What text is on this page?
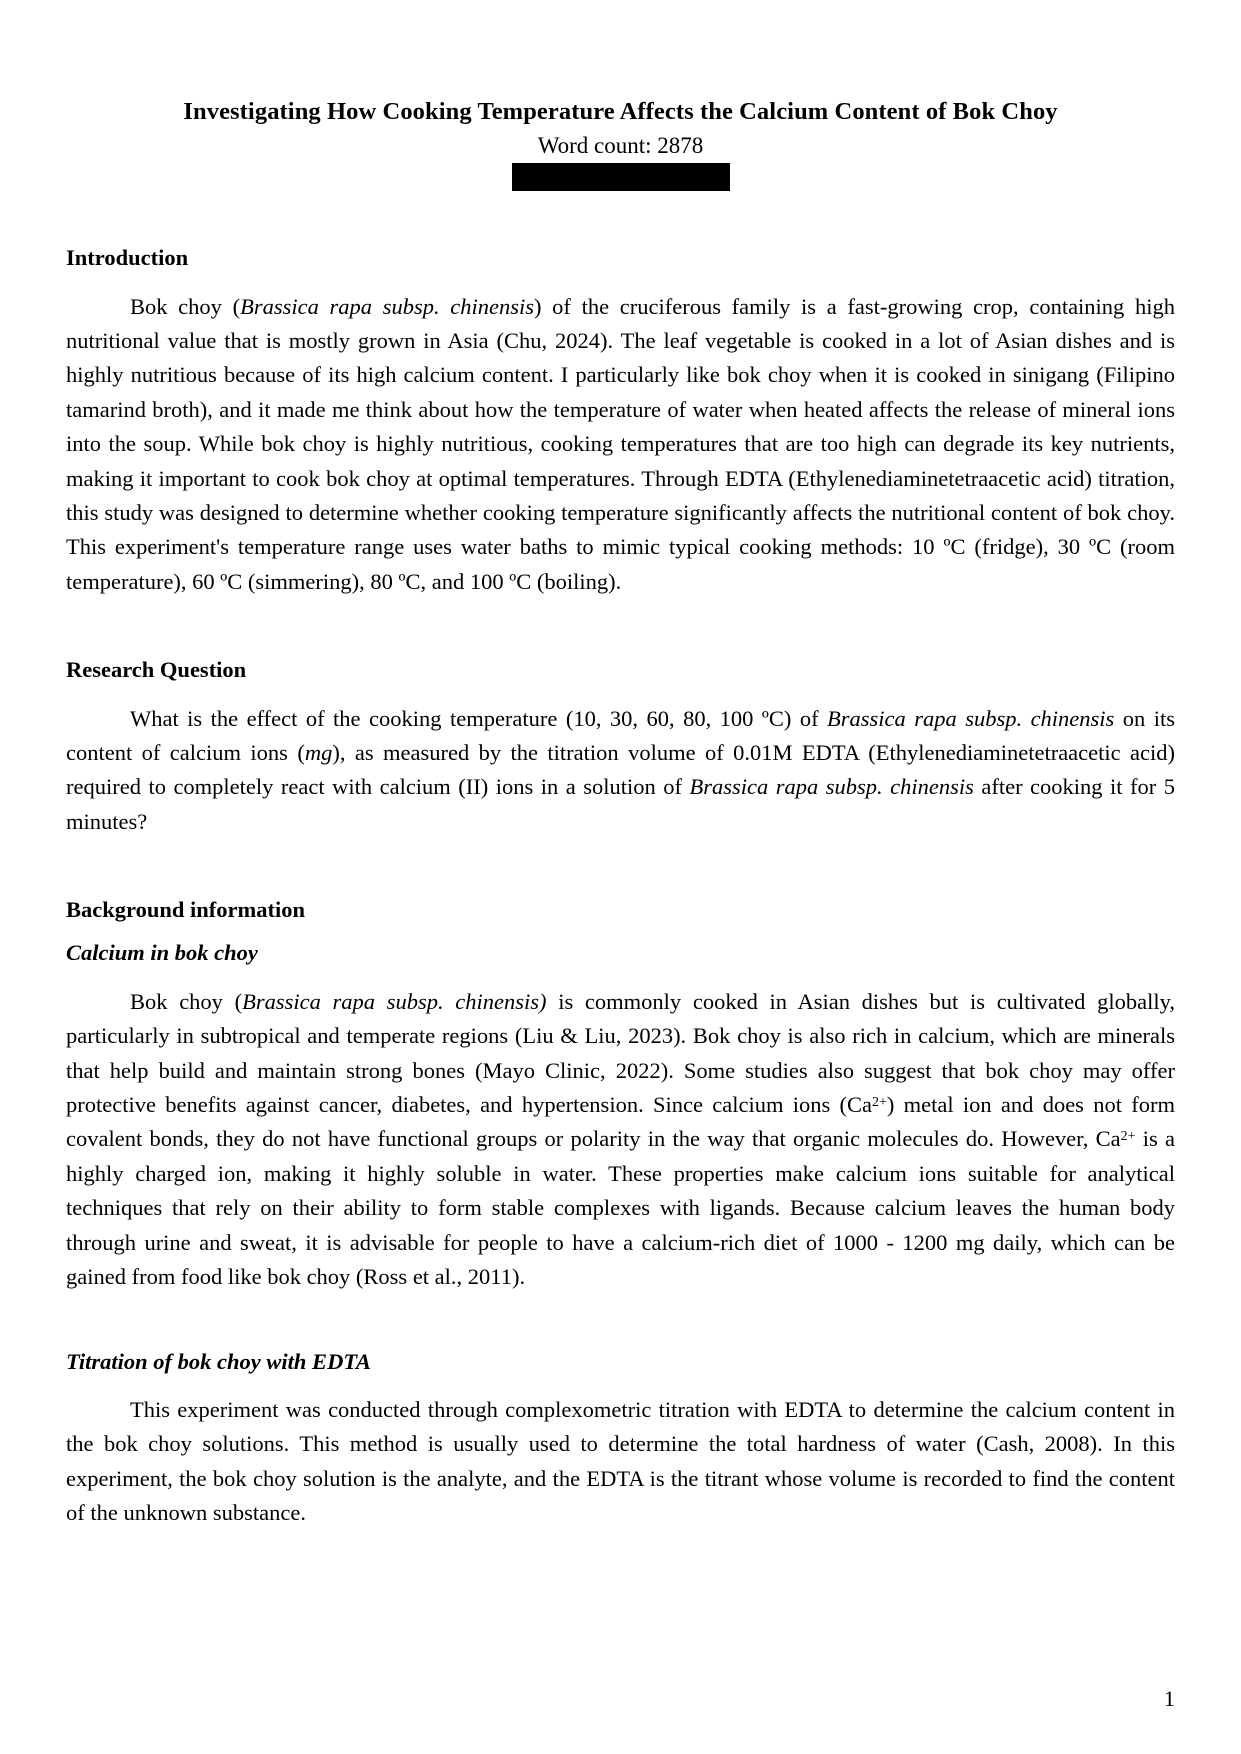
Investigating How Cooking Temperature Affects the Calcium Content of Bok Choy
Word count: 2878
Introduction

Bok choy (Brassica rapa subsp. chinensis) of the cruciferous family is a fast-growing crop, containing high nutritional value that is mostly grown in Asia (Chu, 2024). The leaf vegetable is cooked in a lot of Asian dishes and is highly nutritious because of its high calcium content. I particularly like bok choy when it is cooked in sinigang (Filipino tamarind broth), and it made me think about how the temperature of water when heated affects the release of mineral ions into the soup. While bok choy is highly nutritious, cooking temperatures that are too high can degrade its key nutrients, making it important to cook bok choy at optimal temperatures. Through EDTA (Ethylenediaminetetraacetic acid) titration, this study was designed to determine whether cooking temperature significantly affects the nutritional content of bok choy. This experiment's temperature range uses water baths to mimic typical cooking methods: 10 ºC (fridge), 30 ºC (room temperature), 60 ºC (simmering), 80 ºC, and 100 ºC (boiling).

Research Question

What is the effect of the cooking temperature (10, 30, 60, 80, 100 ºC) of Brassica rapa subsp. chinensis on its content of calcium ions (mg), as measured by the titration volume of 0.01M EDTA (Ethylenediaminetetraacetic acid) required to completely react with calcium (II) ions in a solution of Brassica rapa subsp. chinensis after cooking it for 5 minutes?

Background information
Calcium in bok choy

Bok choy (Brassica rapa subsp. chinensis) is commonly cooked in Asian dishes but is cultivated globally, particularly in subtropical and temperate regions (Liu & Liu, 2023). Bok choy is also rich in calcium, which are minerals that help build and maintain strong bones (Mayo Clinic, 2022). Some studies also suggest that bok choy may offer protective benefits against cancer, diabetes, and hypertension. Since calcium ions $(Ca^{2+})$ metal ion and does not form covalent bonds, they do not have functional groups or polarity in the way that organic molecules do. However, $Ca^{2+}$ is a highly charged ion, making it highly soluble in water. These properties make calcium ions suitable for analytical techniques that rely on their ability to form stable complexes with ligands. Because calcium leaves the human body through urine and sweat, it is advisable for people to have a calcium-rich diet of 1000 - 1200 mg daily, which can be gained from food like bok choy (Ross et al., 2011).

Titration of bok choy with EDTA

This experiment was conducted through complexometric titration with EDTA to determine the calcium content in the bok choy solutions. This method is usually used to determine the total hardness of water (Cash, 2008). In this experiment, the bok choy solution is the analyte, and the EDTA is the titrant whose volume is recorded to find the content of the unknown substance.

1
